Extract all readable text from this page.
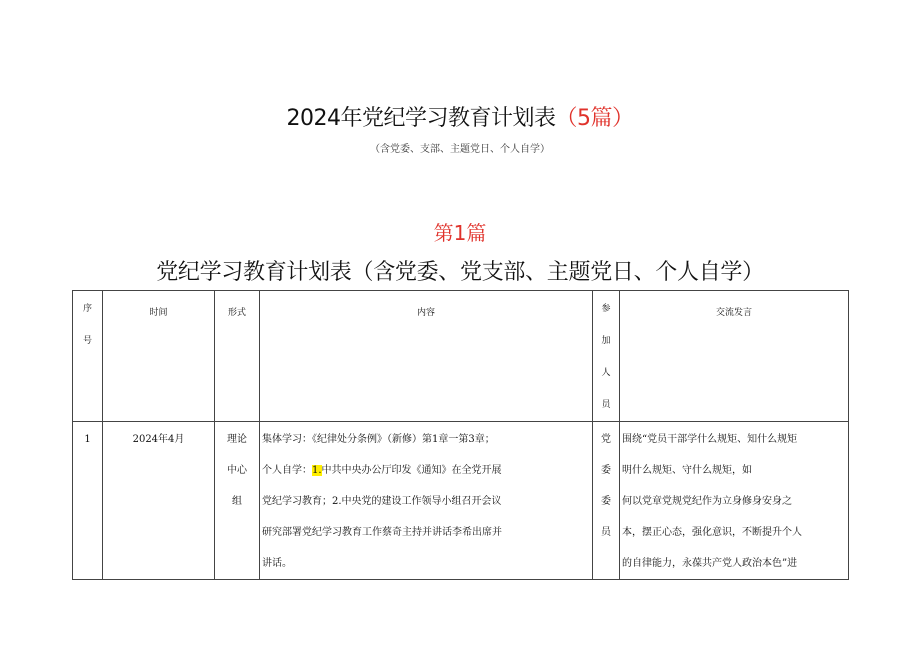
2024年党纪学习教育计划表（5篇）
（含党委、支部、主题党日、个人自学）
第1篇
党纪学习教育计划表（含党委、党支部、主题党日、个人自学）
序
号	时间	形式	内容	参
加
人
员	交流发言
1	2024年4月	理论
中心
组	集体学习：《纪律处分条例》（新修）第1章一第3章；
个人自学：1.中共中央办公厅印发《通知》在全党开展
党纪学习教育；2.中央党的建设工作领导小组召开会议
研究部署党纪学习教育工作蔡奇主持并讲话李希出席并
讲话。	党
委
委
员	围绕“党员干部学什么规矩、知什么规矩
明什么规矩、守什么规矩，如
何以党章党规党纪作为立身修身安身之
本，摆正心态，强化意识，不断提升个人
的自律能力，永葆共产党人政治本色”进
